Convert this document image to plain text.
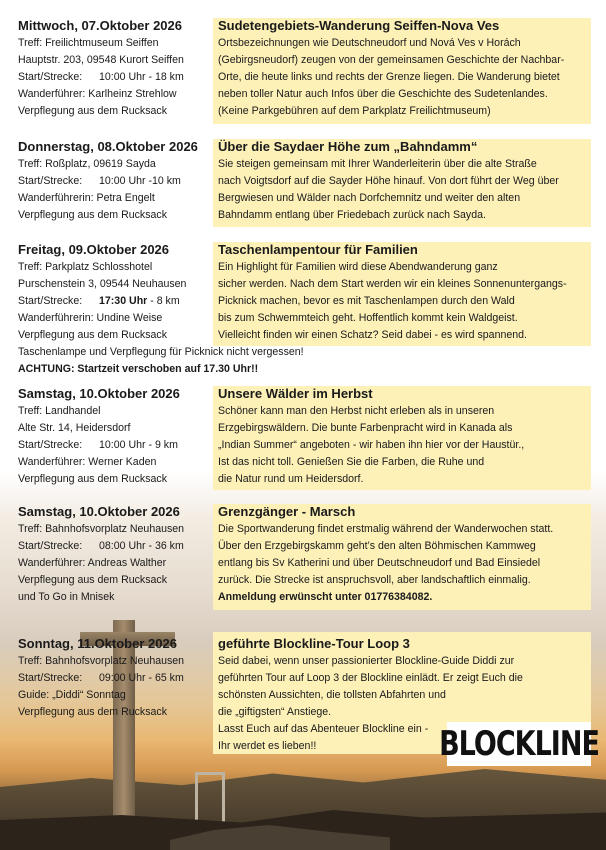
Mittwoch, 07.Oktober 2026	Sudetengebiets-Wanderung Seiffen-Nova Ves
Treff: Freilichtmuseum Seiffen	Ortsbezeichnungen wie Deutschneudorf und Nová Ves v Horách
Hauptstr. 203, 09548 Kurort Seiffen	(Gebirgsneudorf) zeugen von der gemeinsamen Geschichte der Nachbar-
Start/Strecke: 10:00 Uhr - 18 km	Orte, die heute links und rechts der Grenze liegen. Die Wanderung bietet
Wanderführer: Karlheinz Strehlow	neben toller Natur auch Infos über die Geschichte des Sudetenlandes.
Verpflegung aus dem Rucksack	(Keine Parkgebühren auf dem Parkplatz Freilichtmuseum)
Donnerstag, 08.Oktober 2026 Über die Saydaer Höhe zum „Bahndamm“
Treff: Roßplatz, 09619 Sayda	Sie steigen gemeinsam mit Ihrer Wanderleiterin über die alte Straße
Start/Strecke: 10:00 Uhr -10 km	nach Voigtsdorf auf die Sayder Höhe hinauf. Von dort führt der Weg über
Wanderführerin: Petra Engelt	Bergwiesen und Wälder nach Dorfchemnitz und weiter den alten
Verpflegung aus dem Rucksack	Bahndamm entlang über Friedebach zurück nach Sayda.
Freitag, 09.Oktober 2026	Taschenlampentour für Familien
Treff: Parkplatz Schlosshotel	Ein Highlight für Familien wird diese Abendwanderung ganz
Purschenstein 3, 09544 Neuhausen	sicher werden. Nach dem Start werden wir ein kleines Sonnenuntergangs-
Start/Strecke: 17:30 Uhr - 8 km	Picknick machen, bevor es mit Taschenlampen durch den Wald
Wanderführerin: Undine Weise	bis zum Schwemmteich geht. Hoffentlich kommt kein Waldgeist.
Verpflegung aus dem Rucksack	Vielleicht finden wir einen Schatz? Seid dabei - es wird spannend.
Taschenlampe und Verpflegung für Picknick nicht vergessen!
ACHTUNG: Startzeit verschoben auf 17.30 Uhr!!
Samstag, 10.Oktober 2026	Unsere Wälder im Herbst
Treff: Landhandel	Schöner kann man den Herbst nicht erleben als in unseren
Alte Str. 14, Heidersdorf	Erzgebirgswäldern. Die bunte Farbenpracht wird in Kanada als
Start/Strecke: 10:00 Uhr - 9 km	„Indian Summer“ angeboten - wir haben ihn hier vor der Haustür.,
Wanderführer: Werner Kaden	Ist das nicht toll. Genießen Sie die Farben, die Ruhe und
Verpflegung aus dem Rucksack	die Natur rund um Heidersdorf.
Samstag, 10.Oktober 2026	Grenzgänger - Marsch
Treff: Bahnhofsvorplatz Neuhausen	Die Sportwanderung findet erstmalig während der Wanderwochen statt.
Start/Strecke: 08:00 Uhr - 36 km	Über den Erzgebirgskamm geht’s den alten Böhmischen Kammweg
Wanderführer: Andreas Walther	entlang bis Sv Katherini und über Deutschneudorf und Bad Einsiedel
Verpflegung aus dem Rucksack	zurück. Die Strecke ist anspruchsvoll, aber landschaftlich einmalig.
und To Go in Mnisek	Anmeldung erwünscht unter 01776384082.
Sonntag, 11.Oktober 2026	geführte Blockline-Tour Loop 3
Treff: Bahnhofsvorplatz Neuhausen	Seid dabei, wenn unser passionierter Blockline-Guide Diddi zur
Start/Strecke: 09:00 Uhr - 65 km	geführten Tour auf Loop 3 der Blockline einlädt. Er zeigt Euch die
Guide: „Diddi“ Sonntag	schönsten Aussichten, die tollsten Abfahrten und
Verpflegung aus dem Rucksack	die „giftigsten“ Anstiege.
Lasst Euch auf das Abenteuer Blockline ein -
Ihr werdet es lieben!!	BLOCKLINE
